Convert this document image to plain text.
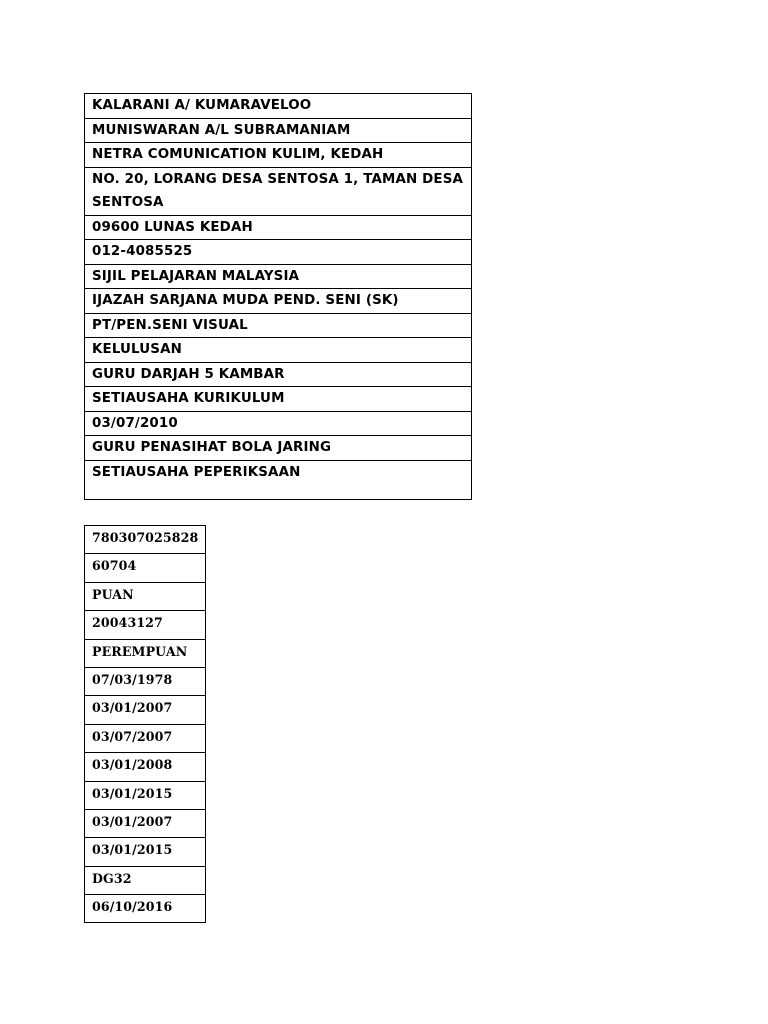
KALARANI A/ KUMARAVELOO
MUNISWARAN A/L SUBRAMANIAM
NETRA COMUNICATION KULIM, KEDAH
NO. 20, LORANG DESA SENTOSA 1, TAMAN DESA SENTOSA
09600 LUNAS KEDAH
012-4085525
SIJIL PELAJARAN MALAYSIA
IJAZAH SARJANA MUDA PEND. SENI (SK)
PT/PEN.SENI VISUAL
KELULUSAN
GURU DARJAH 5 KAMBAR
SETIAUSAHA KURIKULUM
03/07/2010
GURU PENASIHAT BOLA JARING
SETIAUSAHA PEPERIKSAAN
780307025828
60704
PUAN
20043127
PEREMPUAN
07/03/1978
03/01/2007
03/07/2007
03/01/2008
03/01/2015
03/01/2007
03/01/2015
DG32
06/10/2016
